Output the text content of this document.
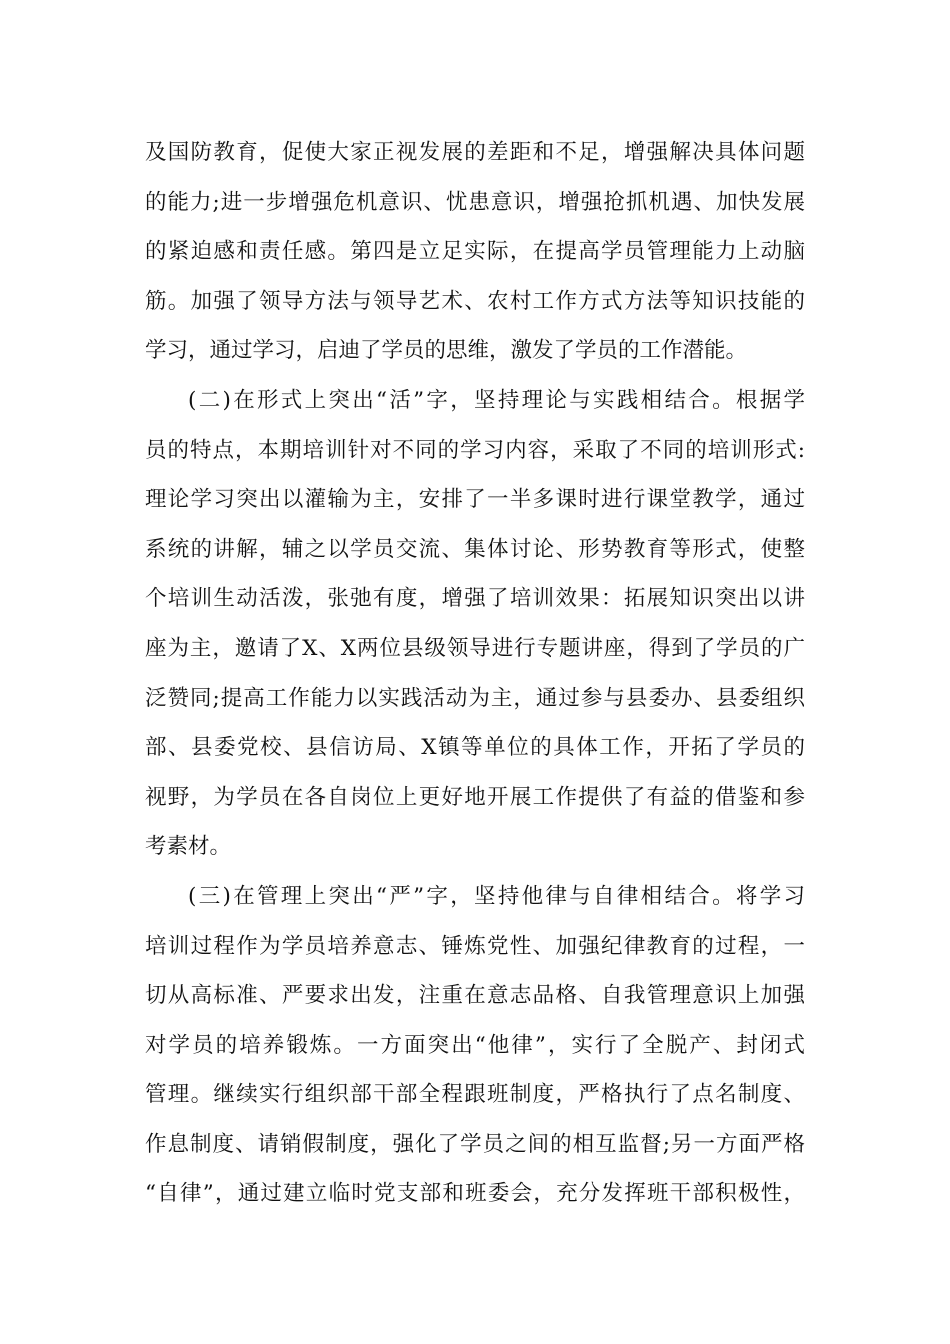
及国防教育，促使大家正视发展的差距和不足，增强解决具体问题
的能力;进一步增强危机意识、忧患意识，增强抢抓机遇、加快发展
的紧迫感和责任感。第四是立足实际，在提高学员管理能力上动脑
筋。加强了领导方法与领导艺术、农村工作方式方法等知识技能的
学习，通过学习，启迪了学员的思维，激发了学员的工作潜能。
(二)在形式上突出“活”字，坚持理论与实践相结合。根据学
员的特点，本期培训针对不同的学习内容，采取了不同的培训形式:
理论学习突出以灌输为主，安排了一半多课时进行课堂教学，通过
系统的讲解，辅之以学员交流、集体讨论、形势教育等形式，使整
个培训生动活泼，张弛有度，增强了培训效果：拓展知识突出以讲
座为主，邀请了X、X两位县级领导进行专题讲座，得到了学员的广
泛赞同;提高工作能力以实践活动为主，通过参与县委办、县委组织
部、县委党校、县信访局、X镇等单位的具体工作，开拓了学员的
视野，为学员在各自岗位上更好地开展工作提供了有益的借鉴和参
考素材。
(三)在管理上突出“严”字，坚持他律与自律相结合。将学习
培训过程作为学员培养意志、锤炼党性、加强纪律教育的过程，一
切从高标准、严要求出发，注重在意志品格、自我管理意识上加强
对学员的培养锻炼。一方面突出“他律”，实行了全脱产、封闭式
管理。继续实行组织部干部全程跟班制度，严格执行了点名制度、
作息制度、请销假制度，强化了学员之间的相互监督;另一方面严格
“自律”，通过建立临时党支部和班委会，充分发挥班干部积极性，
